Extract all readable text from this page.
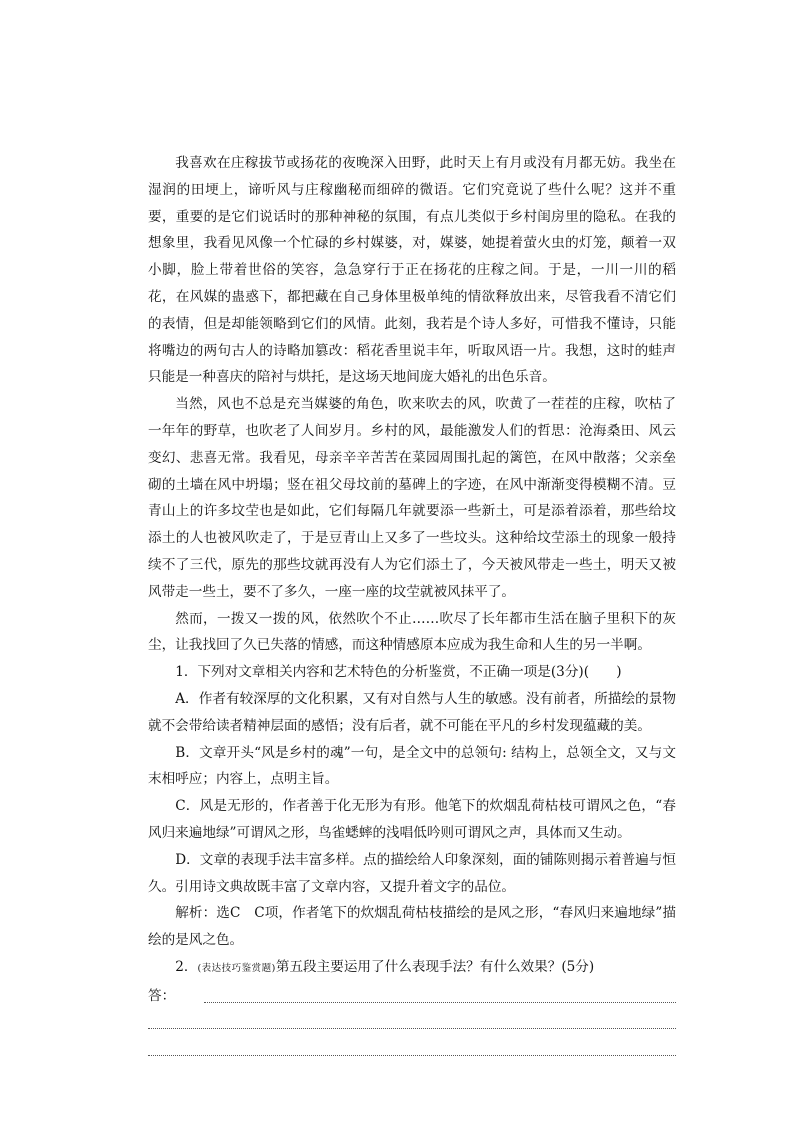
我喜欢在庄稼拔节或扬花的夜晚深入田野，此时天上有月或没有月都无妨。我坐在湿润的田埂上，谛听风与庄稼幽秘而细碎的微语。它们究竟说了些什么呢？这并不重要，重要的是它们说话时的那种神秘的氛围，有点儿类似于乡村闺房里的隐私。在我的想象里，我看见风像一个忙碌的乡村媒婆，对，媒婆，她提着萤火虫的灯笼，颠着一双小脚，脸上带着世俗的笑容，急急穿行于正在扬花的庄稼之间。于是，一川一川的稻花，在风媒的蛊惑下，都把藏在自己身体里极单纯的情欲释放出来，尽管我看不清它们的表情，但是却能领略到它们的风情。此刻，我若是个诗人多好，可惜我不懂诗，只能将嘴边的两句古人的诗略加篡改：稻花香里说丰年，听取风语一片。我想，这时的蛙声只能是一种喜庆的陪衬与烘托，是这场天地间庞大婚礼的出色乐音。

当然，风也不总是充当媒婆的角色，吹来吹去的风，吹黄了一茬茬的庄稼，吹枯了一年年的野草，也吹老了人间岁月。乡村的风，最能激发人们的哲思：沧海桑田、风云变幻、悲喜无常。我看见，母亲辛辛苦苦在菜园周围扎起的篱笆，在风中散落；父亲垒砌的土墙在风中坍塌；竖在祖父母坟前的墓碑上的字迹，在风中渐渐变得模糊不清。豆青山上的许多坟茔也是如此，它们每隔几年就要添一些新土，可是添着添着，那些给坟添土的人也被风吹走了，于是豆青山上又多了一些坟头。这种给坟茔添土的现象一般持续不了三代，原先的那些坟就再没有人为它们添土了，今天被风带走一些土，明天又被风带走一些土，要不了多久，一座一座的坟茔就被风抹平了。

然而，一拨又一拨的风，依然吹个不止……吹尽了长年都市生活在脑子里积下的灰尘，让我找回了久已失落的情感，而这种情感原本应成为我生命和人生的另一半啊。

1．下列对文章相关内容和艺术特色的分析鉴赏，不正确一项是(3分)(　　)

A．作者有较深厚的文化积累，又有对自然与人生的敏感。没有前者，所描绘的景物就不会带给读者精神层面的感悟；没有后者，就不可能在平凡的乡村发现蕴藏的美。

B．文章开头“风是乡村的魂”一句，是全文中的总领句: 结构上，总领全文，又与文末相呼应；内容上，点明主旨。

C．风是无形的，作者善于化无形为有形。他笔下的炊烟乱荷枯枝可谓风之色，“春风归来遍地绿”可谓风之形，鸟雀蟋蟀的浅唱低吟则可谓风之声，具体而又生动。

D．文章的表现手法丰富多样。点的描绘给人印象深刻，面的铺陈则揭示着普遍与恒久。引用诗文典故既丰富了文章内容，又提升着文字的品位。

解析：选C　C项，作者笔下的炊烟乱荷枯枝描绘的是风之形，“春风归来遍地绿”描绘的是风之色。

2．(表达技巧鉴赏题)第五段主要运用了什么表现手法？有什么效果？(5分)

答：
